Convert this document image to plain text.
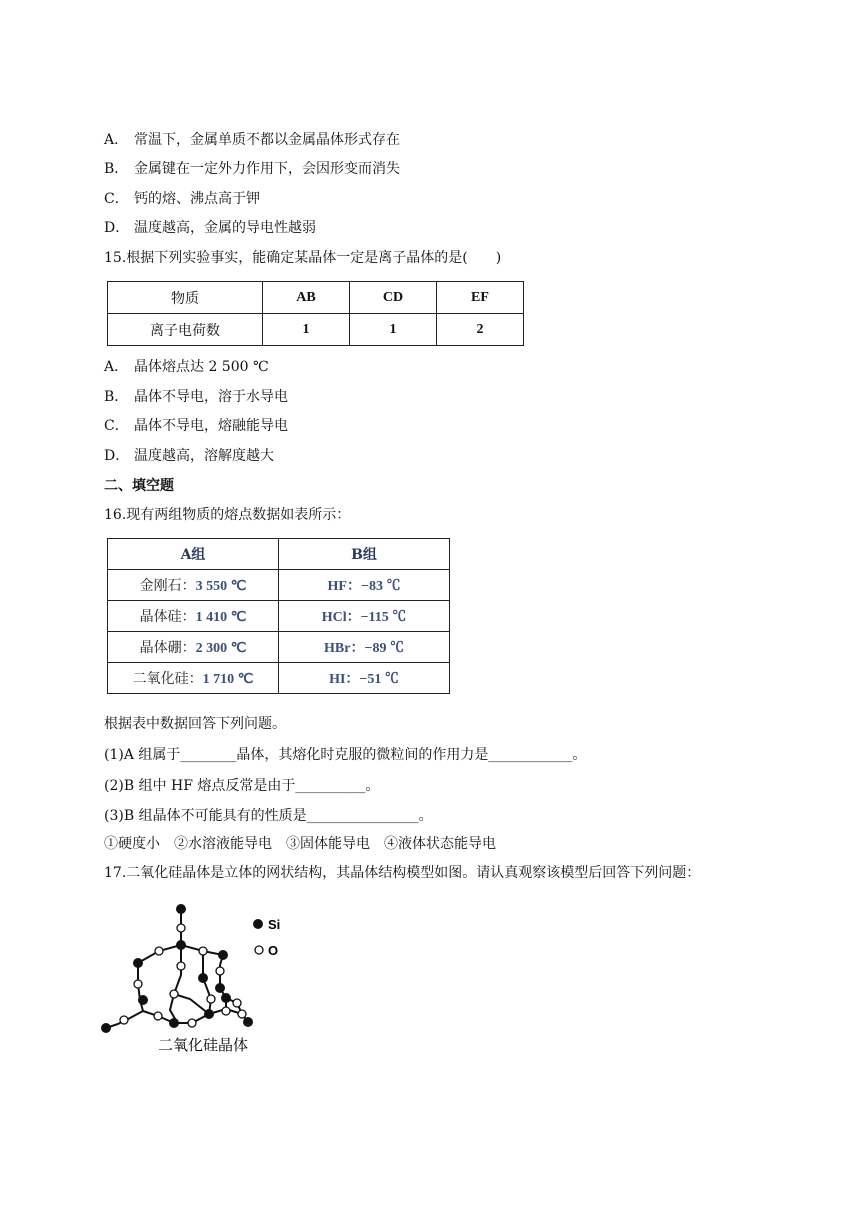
A． 常温下，金属单质不都以金属晶体形式存在
B． 金属键在一定外力作用下，会因形变而消失
C． 钙的熔、沸点高于钾
D． 温度越高，金属的导电性越弱
15.根据下列实验事实，能确定某晶体一定是离子晶体的是(　　)
物质	AB	CD	EF
离子电荷数	1	1	2
A． 晶体熔点达 2 500 ℃
B． 晶体不导电，溶于水导电
C． 晶体不导电，熔融能导电
D． 温度越高，溶解度越大
二、填空题
16.现有两组物质的熔点数据如表所示：
A组	B组
金刚石：3 550 ℃	HF：−83 ℃
晶体硅：1 410 ℃	HCl：−115 ℃
晶体硼：2 300 ℃	HBr：−89 ℃
二氧化硅：1 710 ℃	HI：−51 ℃
根据表中数据回答下列问题。
(1)A 组属于________晶体，其熔化时克服的微粒间的作用力是____________。
(2)B 组中 HF 熔点反常是由于__________。
(3)B 组晶体不可能具有的性质是________________。
①硬度小　②水溶液能导电　③固体能导电　④液体状态能导电
17.二氧化硅晶体是立体的网状结构，其晶体结构模型如图。请认真观察该模型后回答下列问题：
Si
O
二氧化硅晶体
